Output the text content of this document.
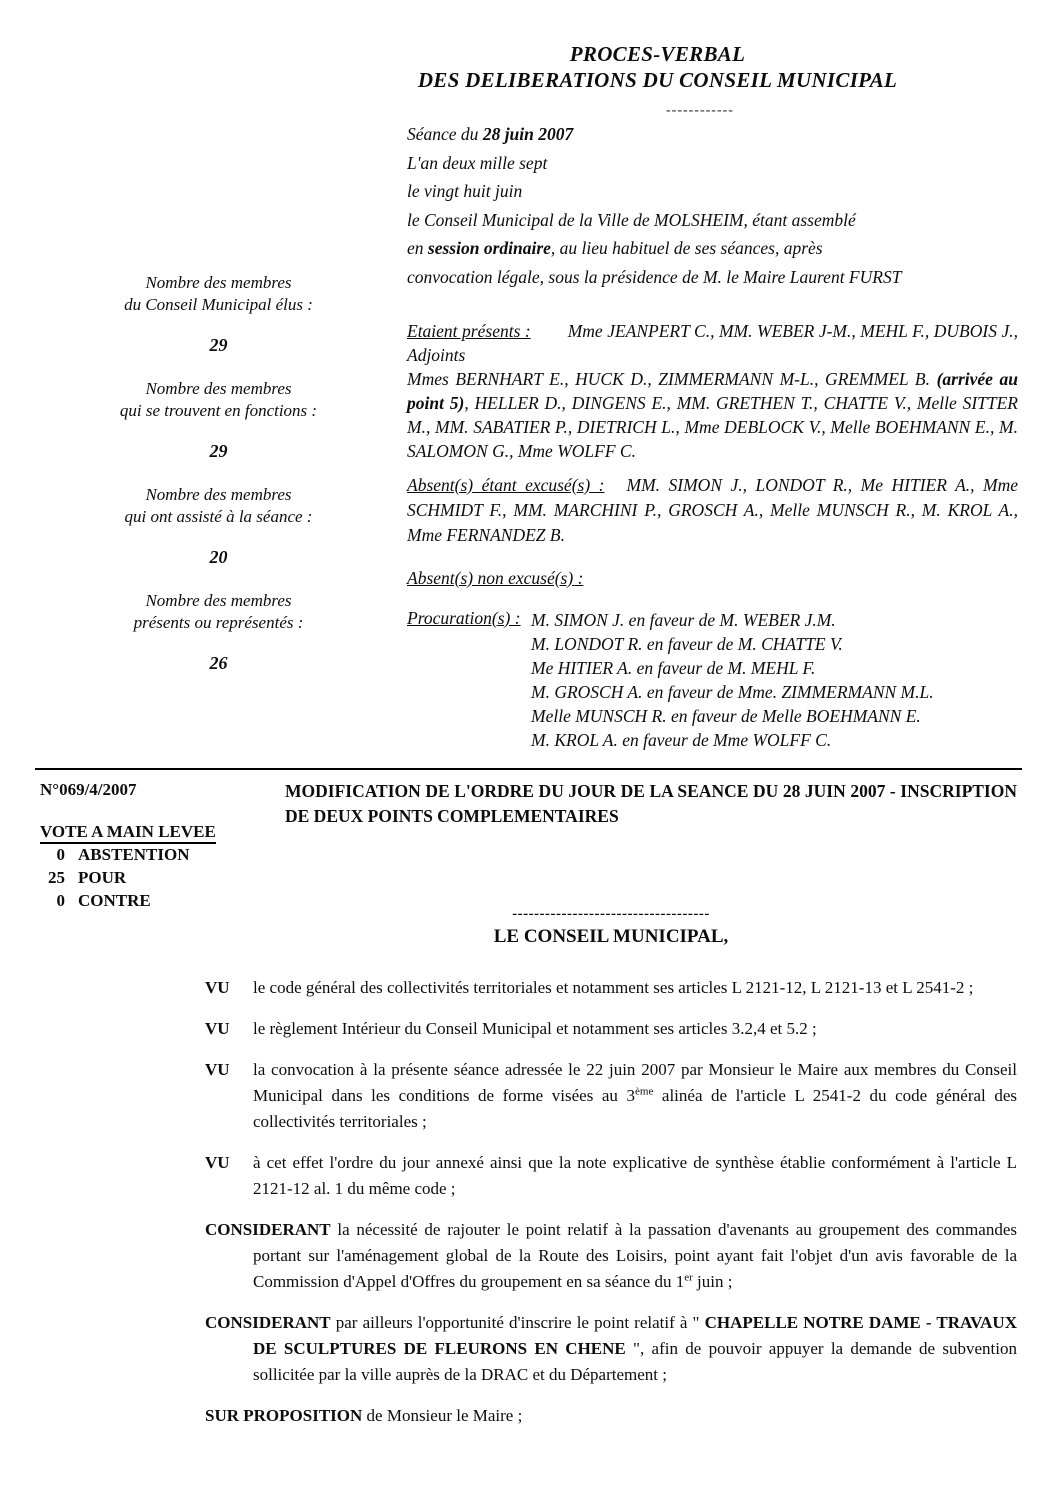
PROCES-VERBAL
DES DELIBERATIONS DU CONSEIL MUNICIPAL
------------
Nombre des membres
du Conseil Municipal élus :
29
Nombre des membres
qui se trouvent en fonctions :
29
Nombre des membres
qui ont assisté à la séance :
20
Nombre des membres
présents ou représentés :
26

Séance du 28 juin 2007

L'an deux mille sept

le vingt huit juin

le Conseil Municipal de la Ville de MOLSHEIM, étant assemblé

en session ordinaire, au lieu habituel de ses séances, après

convocation légale, sous la présidence de M. le Maire Laurent FURST

Etaient présents : Mme JEANPERT C., MM. WEBER J-M., MEHL F., DUBOIS J., Adjoints

Mmes BERNHART E., HUCK D., ZIMMERMANN M-L., GREMMEL B. (arrivée au point 5), HELLER D., DINGENS E., MM. GRETHEN T., CHATTE V., Melle SITTER M., MM. SABATIER P., DIETRICH L., Mme DEBLOCK V., Melle BOEHMANN E., M. SALOMON G., Mme WOLFF C.

Absent(s) étant excusé(s) : MM. SIMON J., LONDOT R., Me HITIER A., Mme SCHMIDT F., MM. MARCHINI P., GROSCH A., Melle MUNSCH R., M. KROL A., Mme FERNANDEZ B.

Absent(s) non excusé(s) :

Procuration(s) : M. SIMON J. en faveur de M. WEBER J.M.
M. LONDOT R. en faveur de M. CHATTE V.
Me HITIER A. en faveur de M. MEHL F.
M. GROSCH A. en faveur de Mme. ZIMMERMANN M.L.
Melle MUNSCH R. en faveur de Melle BOEHMANN E.
M. KROL A. en faveur de Mme WOLFF C.
N°069/4/2007
VOTE A MAIN LEVEE
0 ABSTENTION
25 POUR
0 CONTRE
MODIFICATION DE L'ORDRE DU JOUR DE LA SEANCE DU 28 JUIN 2007 - INSCRIPTION DE DEUX POINTS COMPLEMENTAIRES
------------------------------------
LE CONSEIL MUNICIPAL,
VU le code général des collectivités territoriales et notamment ses articles L 2121-12, L 2121-13 et L 2541-2 ;
VU le règlement Intérieur du Conseil Municipal et notamment ses articles 3.2,4 et 5.2 ;
VU la convocation à la présente séance adressée le 22 juin 2007 par Monsieur le Maire aux membres du Conseil Municipal dans les conditions de forme visées au 3ème alinéa de l'article L 2541-2 du code général des collectivités territoriales ;
VU à cet effet l'ordre du jour annexé ainsi que la note explicative de synthèse établie conformément à l'article L 2121-12 al. 1 du même code ;
CONSIDERANT la nécessité de rajouter le point relatif à la passation d'avenants au groupement des commandes portant sur l'aménagement global de la Route des Loisirs, point ayant fait l'objet d'un avis favorable de la Commission d'Appel d'Offres du groupement en sa séance du 1er juin ;
CONSIDERANT par ailleurs l'opportunité d'inscrire le point relatif à " CHAPELLE NOTRE DAME - TRAVAUX DE SCULPTURES DE FLEURONS EN CHENE ", afin de pouvoir appuyer la demande de subvention sollicitée par la ville auprès de la DRAC et du Département ;
SUR PROPOSITION de Monsieur le Maire ;
